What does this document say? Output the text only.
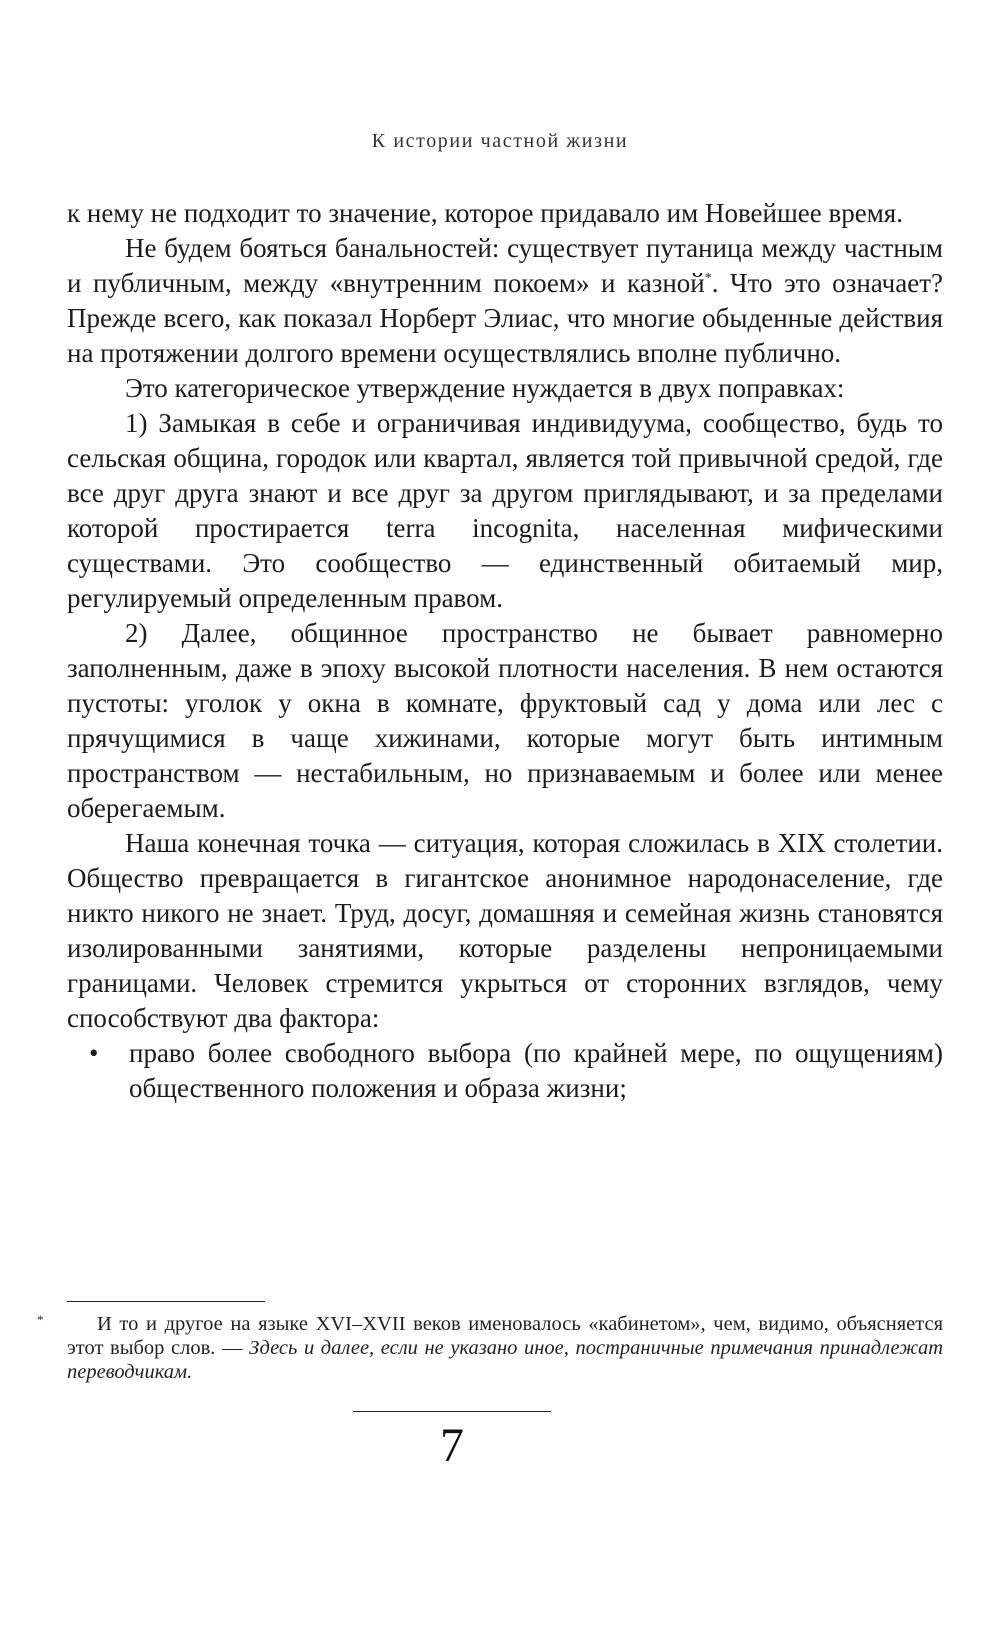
К истории частной жизни

к нему не подходит то значение, которое придавало им Новейшее время.

Не будем бояться банальностей: существует путаница между частным и публичным, между «внутренним покоем» и казной*. Что это означает? Прежде всего, как показал Норберт Элиас, что многие обыденные действия на протяжении долгого времени осуществлялись вполне публично.

Это категорическое утверждение нуждается в двух поправках:

1) Замыкая в себе и ограничивая индивидуума, сообщество, будь то сельская община, городок или квартал, является той привычной средой, где все друг друга знают и все друг за другом приглядывают, и за пределами которой простирается terra incognita, населенная мифическими существами. Это сообщество — единственный обитаемый мир, регулируемый определенным правом.

2) Далее, общинное пространство не бывает равномерно заполненным, даже в эпоху высокой плотности населения. В нем остаются пустоты: уголок у окна в комнате, фруктовый сад у дома или лес с прячущимися в чаще хижинами, которые могут быть интимным пространством — нестабильным, но признаваемым и более или менее оберегаемым.

Наша конечная точка — ситуация, которая сложилась в XIX столетии. Общество превращается в гигантское анонимное народонаселение, где никто никого не знает. Труд, досуг, домашняя и семейная жизнь становятся изолированными занятиями, которые разделены непроницаемыми границами. Человек стремится укрыться от сторонних взглядов, чему способствуют два фактора:

• право более свободного выбора (по крайней мере, по ощущениям) общественного положения и образа жизни;
*	И то и другое на языке XVI–XVII веков именовалось «кабинетом», чем, видимо, объясняется этот выбор слов. — Здесь и далее, если не указано иное, постраничные примечания принадлежат переводчикам.
7
